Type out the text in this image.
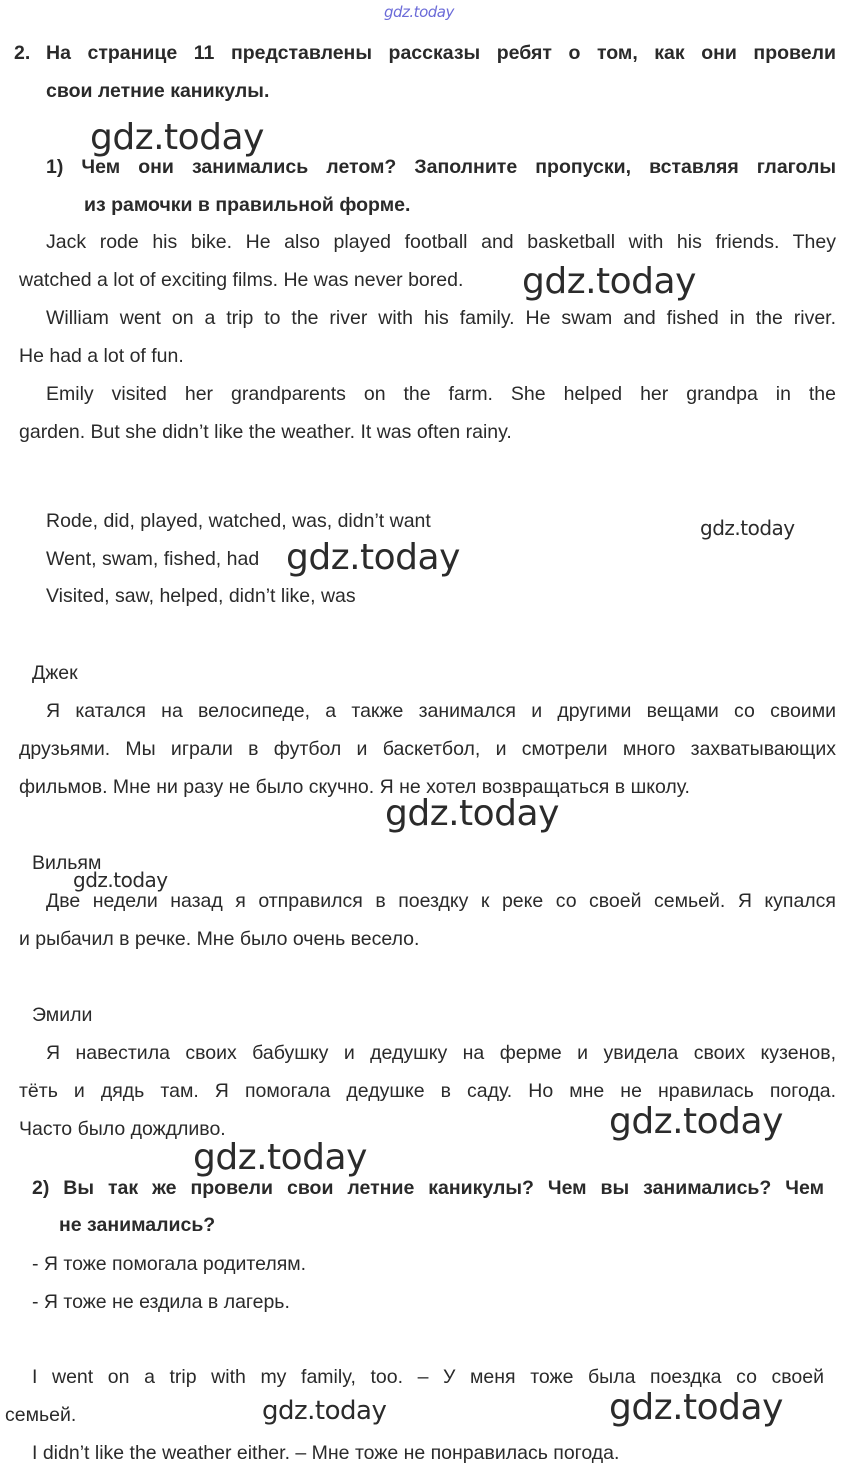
gdz.today
2. На странице 11 представлены рассказы ребят о том, как они провели
свои летние каникулы.
gdz.today
1) Чем они занимались летом? Заполните пропуски, вставляя глаголы
из рамочки в правильной форме.
Jack rode his bike. He also played football and basketball with his friends. They
watched a lot of exciting films. He was never bored. gdz.today
William went on a trip to the river with his family. He swam and fished in the river.
He had a lot of fun.
Emily visited her grandparents on the farm. She helped her grandpa in the
garden. But she didn’t like the weather. It was often rainy.
Rode, did, played, watched, was, didn’t want	gdz.today
Went, swam, fished, had gdz.today
Visited, saw, helped, didn’t like, was
Джек
Я катался на велосипеде, а также занимался и другими вещами со своими
друзьями. Мы играли в футбол и баскетбол, и смотрели много захватывающих
фильмов. Мне ни разу не было скучно. Я не хотел возвращаться в школу.
gdz.today
Вильям
gdz.today
Две недели назад я отправился в поездку к реке со своей семьей. Я купался
и рыбачил в речке. Мне было очень весело.
Эмили
Я навестила своих бабушку и дедушку на ферме и увидела своих кузенов,
тёть и дядь там. Я помогала дедушке в саду. Но мне не нравилась погода.
Часто было дождливо.	gdz.today
gdz.today
2) Вы так же провели свои летние каникулы? Чем вы занимались? Чем
не занимались?
- Я тоже помогала родителям.
- Я тоже не ездила в лагерь.
I went on a trip with my family, too. – У меня тоже была поездка со своей
семьей.	gdz.today	gdz.today
I didn’t like the weather either. – Мне тоже не понравилась погода.
